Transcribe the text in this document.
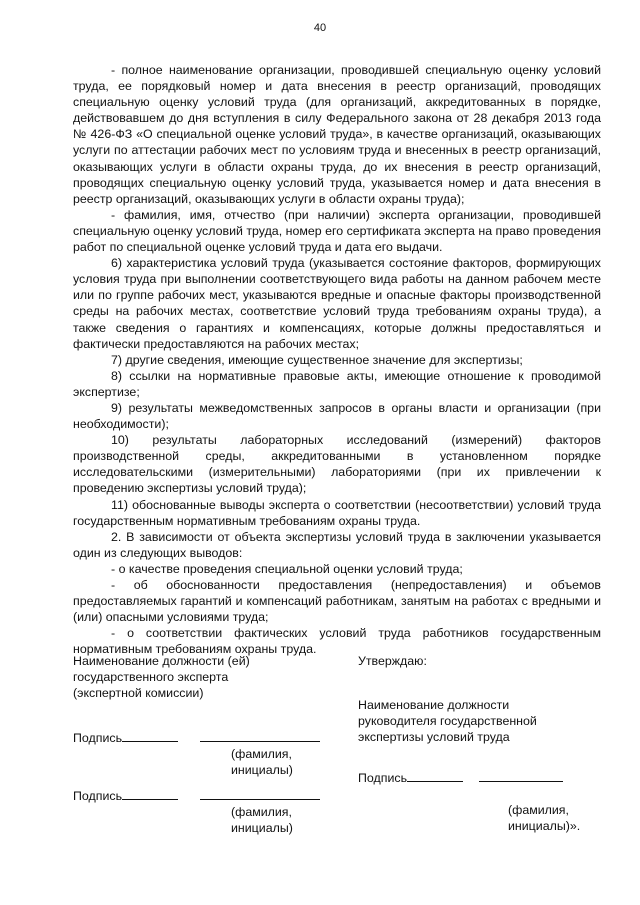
40

- полное наименование организации, проводившей специальную оценку условий труда, ее порядковый номер и дата внесения в реестр организаций, проводящих специальную оценку условий труда (для организаций, аккредитованных в порядке, действовавшем до дня вступления в силу Федерального закона от 28 декабря 2013 года № 426-ФЗ «О специальной оценке условий труда», в качестве организаций, оказывающих услуги по аттестации рабочих мест по условиям труда и внесенных в реестр организаций, оказывающих услуги в области охраны труда, до их внесения в реестр организаций, проводящих специальную оценку условий труда, указывается номер и дата внесения в реестр организаций, оказывающих услуги в области охраны труда);

- фамилия, имя, отчество (при наличии) эксперта организации, проводившей специальную оценку условий труда, номер его сертификата эксперта на право проведения работ по специальной оценке условий труда и дата его выдачи.

6) характеристика условий труда (указывается состояние факторов, формирующих условия труда при выполнении соответствующего вида работы на данном рабочем месте или по группе рабочих мест, указываются вредные и опасные факторы производственной среды на рабочих местах, соответствие условий труда требованиям охраны труда), а также сведения о гарантиях и компенсациях, которые должны предоставляться и фактически предоставляются на рабочих местах;

7) другие сведения, имеющие существенное значение для экспертизы;

8) ссылки на нормативные правовые акты, имеющие отношение к проводимой экспертизе;

9) результаты межведомственных запросов в органы власти и организации (при необходимости);

10) результаты лабораторных исследований (измерений) факторов производственной среды, аккредитованными в установленном порядке исследовательскими (измерительными) лабораториями (при их привлечении к проведению экспертизы условий труда);

11) обоснованные выводы эксперта о соответствии (несоответствии) условий труда государственным нормативным требованиям охраны труда.

2. В зависимости от объекта экспертизы условий труда в заключении указывается один из следующих выводов:

- о качестве проведения специальной оценки условий труда;

- об обоснованности предоставления (непредоставления) и объемов предоставляемых гарантий и компенсаций работникам, занятым на работах с вредными и (или) опасными условиями труда;

- о соответствии фактических условий труда работников государственным нормативным требованиям охраны труда.

Наименование должности (ей)
государственного эксперта
(экспертной комиссии)
Подпись
(фамилия,
инициалы)
Подпись
(фамилия,
инициалы)
Утверждаю:
Наименование должности
руководителя государственной
экспертизы условий труда
Подпись
(фамилия,
инициалы)».
